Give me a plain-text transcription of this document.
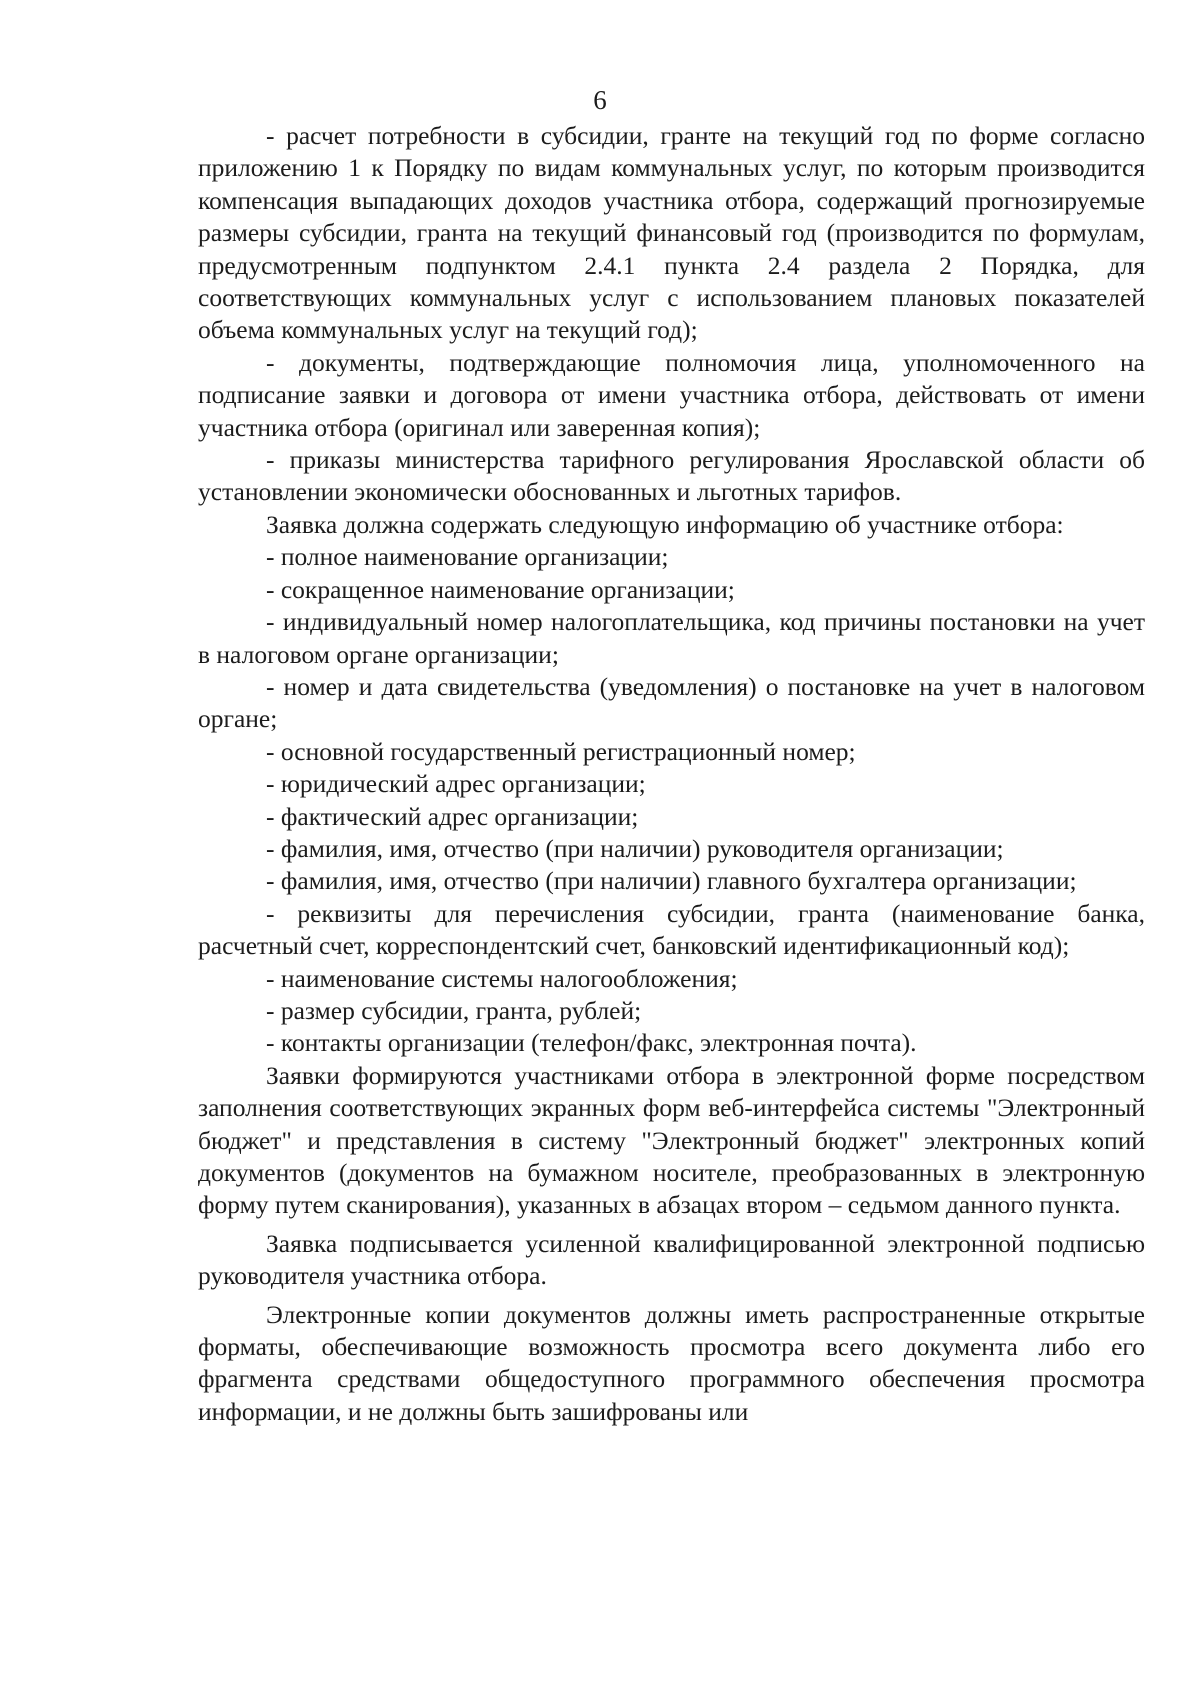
6

- расчет потребности в субсидии, гранте на текущий год по форме согласно приложению 1 к Порядку по видам коммунальных услуг, по которым производится компенсация выпадающих доходов участника отбора, содержащий прогнозируемые размеры субсидии, гранта на текущий финансовый год (производится по формулам, предусмотренным подпунктом 2.4.1 пункта 2.4 раздела 2 Порядка, для соответствующих коммунальных услуг с использованием плановых показателей объема коммунальных услуг на текущий год);

- документы, подтверждающие полномочия лица, уполномоченного на подписание заявки и договора от имени участника отбора, действовать от имени участника отбора (оригинал или заверенная копия);

- приказы министерства тарифного регулирования Ярославской области об установлении экономически обоснованных и льготных тарифов.

Заявка должна содержать следующую информацию об участнике отбора:

- полное наименование организации;

- сокращенное наименование организации;

- индивидуальный номер налогоплательщика, код причины постановки на учет в налоговом органе организации;

- номер и дата свидетельства (уведомления) о постановке на учет в налоговом органе;

- основной государственный регистрационный номер;

- юридический адрес организации;

- фактический адрес организации;

- фамилия, имя, отчество (при наличии) руководителя организации;

- фамилия, имя, отчество (при наличии) главного бухгалтера организации;

- реквизиты для перечисления субсидии, гранта (наименование банка, расчетный счет, корреспондентский счет, банковский идентификационный код);

- наименование системы налогообложения;

- размер субсидии, гранта, рублей;

- контакты организации (телефон/факс, электронная почта).

Заявки формируются участниками отбора в электронной форме посредством заполнения соответствующих экранных форм веб-интерфейса системы "Электронный бюджет" и представления в систему "Электронный бюджет" электронных копий документов (документов на бумажном носителе, преобразованных в электронную форму путем сканирования), указанных в абзацах втором – седьмом данного пункта.

Заявка подписывается усиленной квалифицированной электронной подписью руководителя участника отбора.

Электронные копии документов должны иметь распространенные открытые форматы, обеспечивающие возможность просмотра всего документа либо его фрагмента средствами общедоступного программного обеспечения просмотра информации, и не должны быть зашифрованы или
